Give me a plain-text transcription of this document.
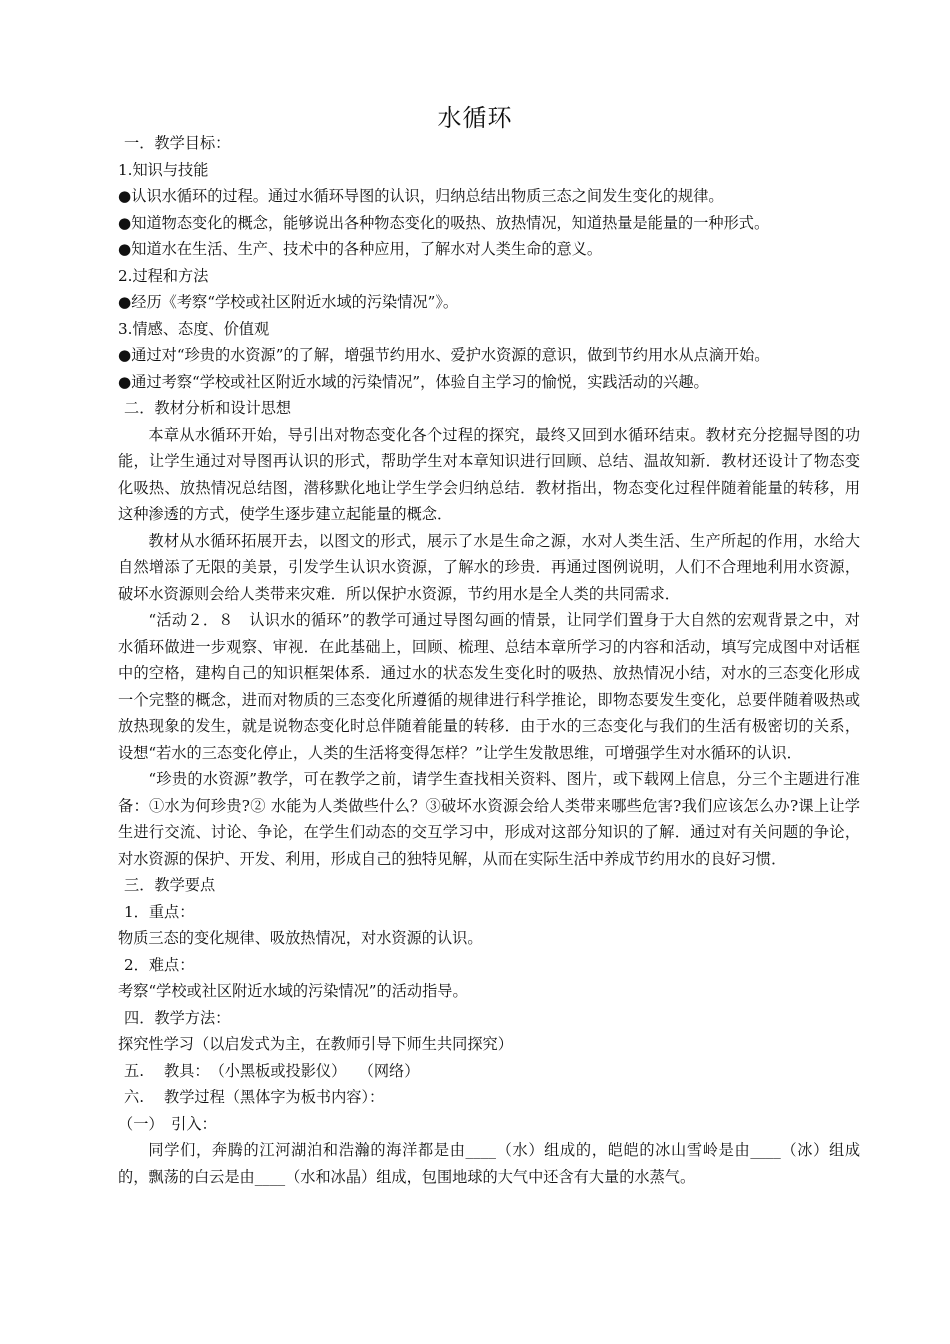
水循环

一．教学目标：

1.知识与技能

●认识水循环的过程。通过水循环导图的认识，归纳总结出物质三态之间发生变化的规律。

●知道物态变化的概念，能够说出各种物态变化的吸热、放热情况，知道热量是能量的一种形式。

●知道水在生活、生产、技术中的各种应用，了解水对人类生命的意义。

2.过程和方法

●经历《考察“学校或社区附近水域的污染情况”》。

3.情感、态度、价值观

●通过对“珍贵的水资源”的了解，增强节约用水、爱护水资源的意识，做到节约用水从点滴开始。

●通过考察“学校或社区附近水域的污染情况”，体验自主学习的愉悦，实践活动的兴趣。

二．教材分析和设计思想

本章从水循环开始，导引出对物态变化各个过程的探究，最终又回到水循环结束。教材充分挖掘导图的功能，让学生通过对导图再认识的形式，帮助学生对本章知识进行回顾、总结、温故知新．教材还设计了物态变化吸热、放热情况总结图，潜移默化地让学生学会归纳总结．教材指出，物态变化过程伴随着能量的转移，用这种渗透的方式，使学生逐步建立起能量的概念．

教材从水循环拓展开去，以图文的形式，展示了水是生命之源，水对人类生活、生产所起的作用，水给大自然增添了无限的美景，引发学生认识水资源，了解水的珍贵．再通过图例说明，人们不合理地利用水资源，破坏水资源则会给人类带来灾难．所以保护水资源，节约用水是全人类的共同需求．

“活动２．８　认识水的循环”的教学可通过导图勾画的情景，让同学们置身于大自然的宏观背景之中，对水循环做进一步观察、审视．在此基础上，回顾、梳理、总结本章所学习的内容和活动，填写完成图中对话框中的空格，建构自己的知识框架体系．通过水的状态发生变化时的吸热、放热情况小结，对水的三态变化形成一个完整的概念，进而对物质的三态变化所遵循的规律进行科学推论，即物态要发生变化，总要伴随着吸热或放热现象的发生，就是说物态变化时总伴随着能量的转移．由于水的三态变化与我们的生活有极密切的关系，设想“若水的三态变化停止，人类的生活将变得怎样？”让学生发散思维，可增强学生对水循环的认识．

“珍贵的水资源”教学，可在教学之前，请学生查找相关资料、图片，或下载网上信息，分三个主题进行准备：①水为何珍贵?② 水能为人类做些什么？③破坏水资源会给人类带来哪些危害?我们应该怎么办?课上让学生进行交流、讨论、争论，在学生们动态的交互学习中，形成对这部分知识的了解．通过对有关问题的争论，对水资源的保护、开发、利用，形成自己的独特见解，从而在实际生活中养成节约用水的良好习惯．

三．教学要点

1．重点：

物质三态的变化规律、吸放热情况，对水资源的认识。

2．难点：

考察“学校或社区附近水域的污染情况”的活动指导。

四．教学方法：

探究性学习（以启发式为主，在教师引导下师生共同探究）

五.　 教具：　（小黑板或投影仪）　 （网络）

六.　 教学过程（黑体字为板书内容）：

（一）　引入：

同学们，奔腾的江河湖泊和浩瀚的海洋都是由____（水）组成的，皑皑的冰山雪岭是由____（冰）组成的，飘荡的白云是由____（水和冰晶）组成，包围地球的大气中还含有大量的水蒸气。
